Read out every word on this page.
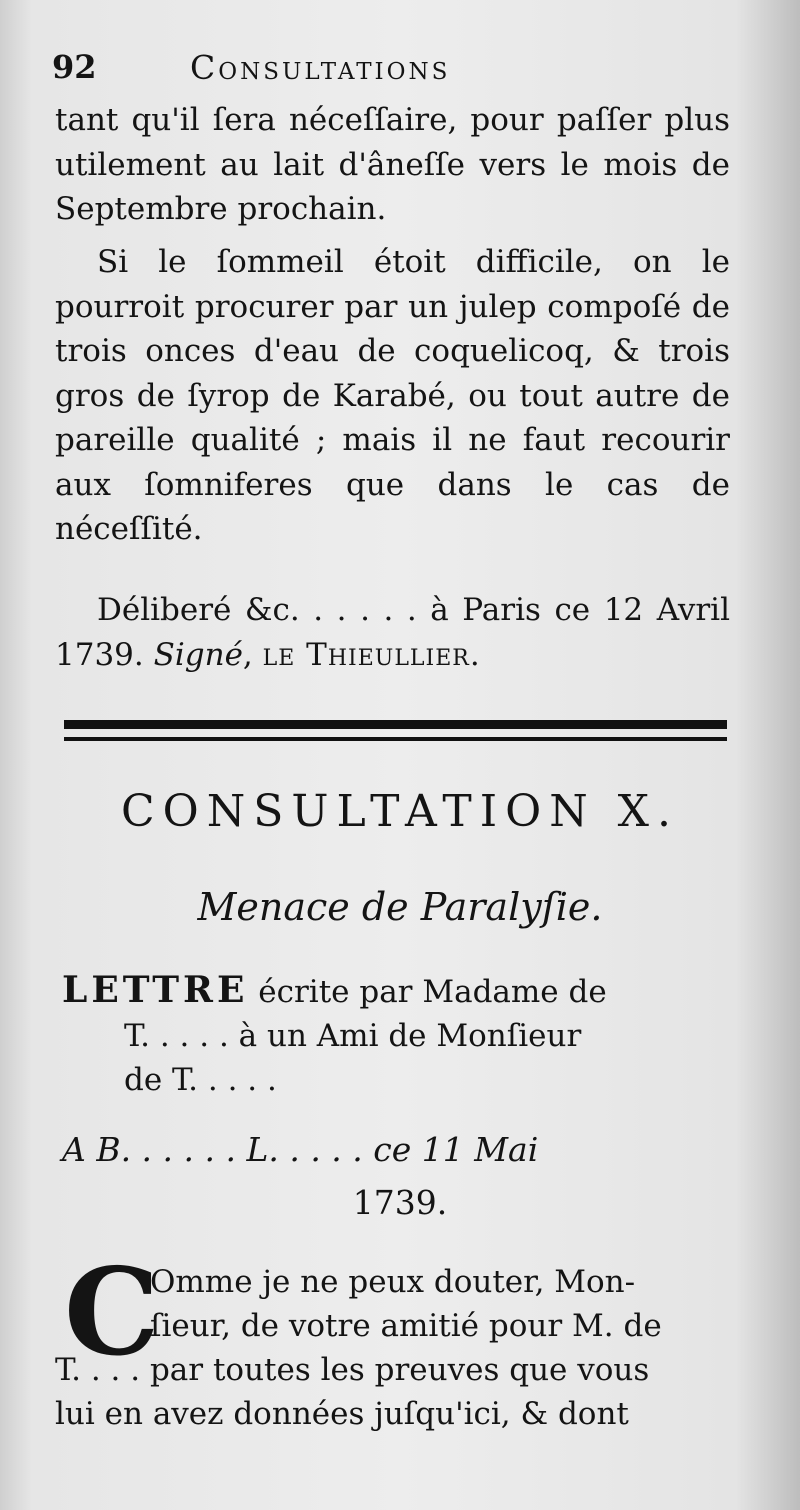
92	Consultations

tant qu'il ſera néceſſaire, pour paſſer plus utilement au lait d'âneſſe vers le mois de Septembre prochain.

Si le ſommeil étoit difficile, on le pourroit procurer par un julep compoſé de trois onces d'eau de coquelicoq, & trois gros de ſyrop de Karabé, ou tout autre de pareille qualité ; mais il ne faut recourir aux ſomniferes que dans le cas de néceſſité.

Déliberé &c. . . . . . à Paris ce 12 Avril 1739. Signé, le Thieullier.

CONSULTATION X.
Menace de Paralyſie.
LETTRE écrite par Madame de
T. . . . . à un Ami de Monſieur
de T. . . . .
A B. . . . . . L. . . . . ce 11 Mai
1739.
C
Omme je ne peux douter, Mon-
ſieur, de votre amitié pour M. de
T. . . . par toutes les preuves que vous
lui en avez données juſqu'ici, & dont
